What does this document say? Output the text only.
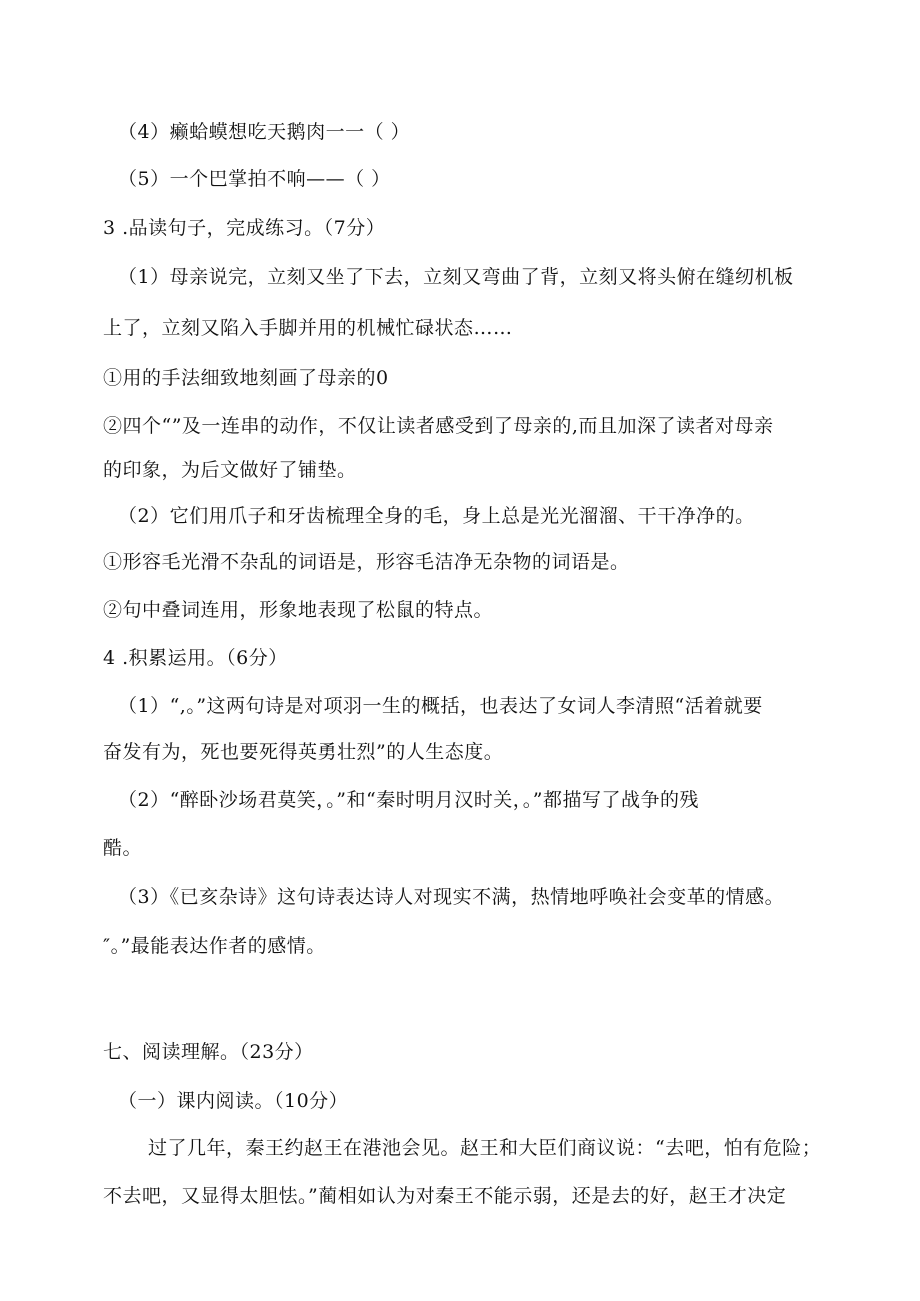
（4）癞蛤蟆想吃天鹅肉一一（ ）
（5）一个巴掌拍不响——（ ）
3 .品读句子，完成练习。（7分）
（1）母亲说完，立刻又坐了下去，立刻又弯曲了背，立刻又将头俯在缝纫机板
上了，立刻又陷入手脚并用的机械忙碌状态……
①用的手法细致地刻画了母亲的0
②四个“”及一连串的动作，不仅让读者感受到了母亲的,而且加深了读者对母亲
的印象，为后文做好了铺垫。
（2）它们用爪子和牙齿梳理全身的毛，身上总是光光溜溜、干干净净的。
①形容毛光滑不杂乱的词语是，形容毛洁净无杂物的词语是。
②句中叠词连用，形象地表现了松鼠的特点。
4 .积累运用。（6分）
（1）“,。”这两句诗是对项羽一生的概括，也表达了女词人李清照“活着就要
奋发有为，死也要死得英勇壮烈”的人生态度。
（2）“醉卧沙场君莫笑，。”和“秦时明月汉时关，。”都描写了战争的残
酷。
（3）《已亥杂诗》这句诗表达诗人对现实不满，热情地呼唤社会变革的情感。
″。”最能表达作者的感情。
七、阅读理解。（23分）
（一）课内阅读。（10分）
过了几年，秦王约赵王在港池会见。赵王和大臣们商议说：“去吧，怕有危险；
不去吧，又显得太胆怯。”蔺相如认为对秦王不能示弱，还是去的好，赵王才决定
